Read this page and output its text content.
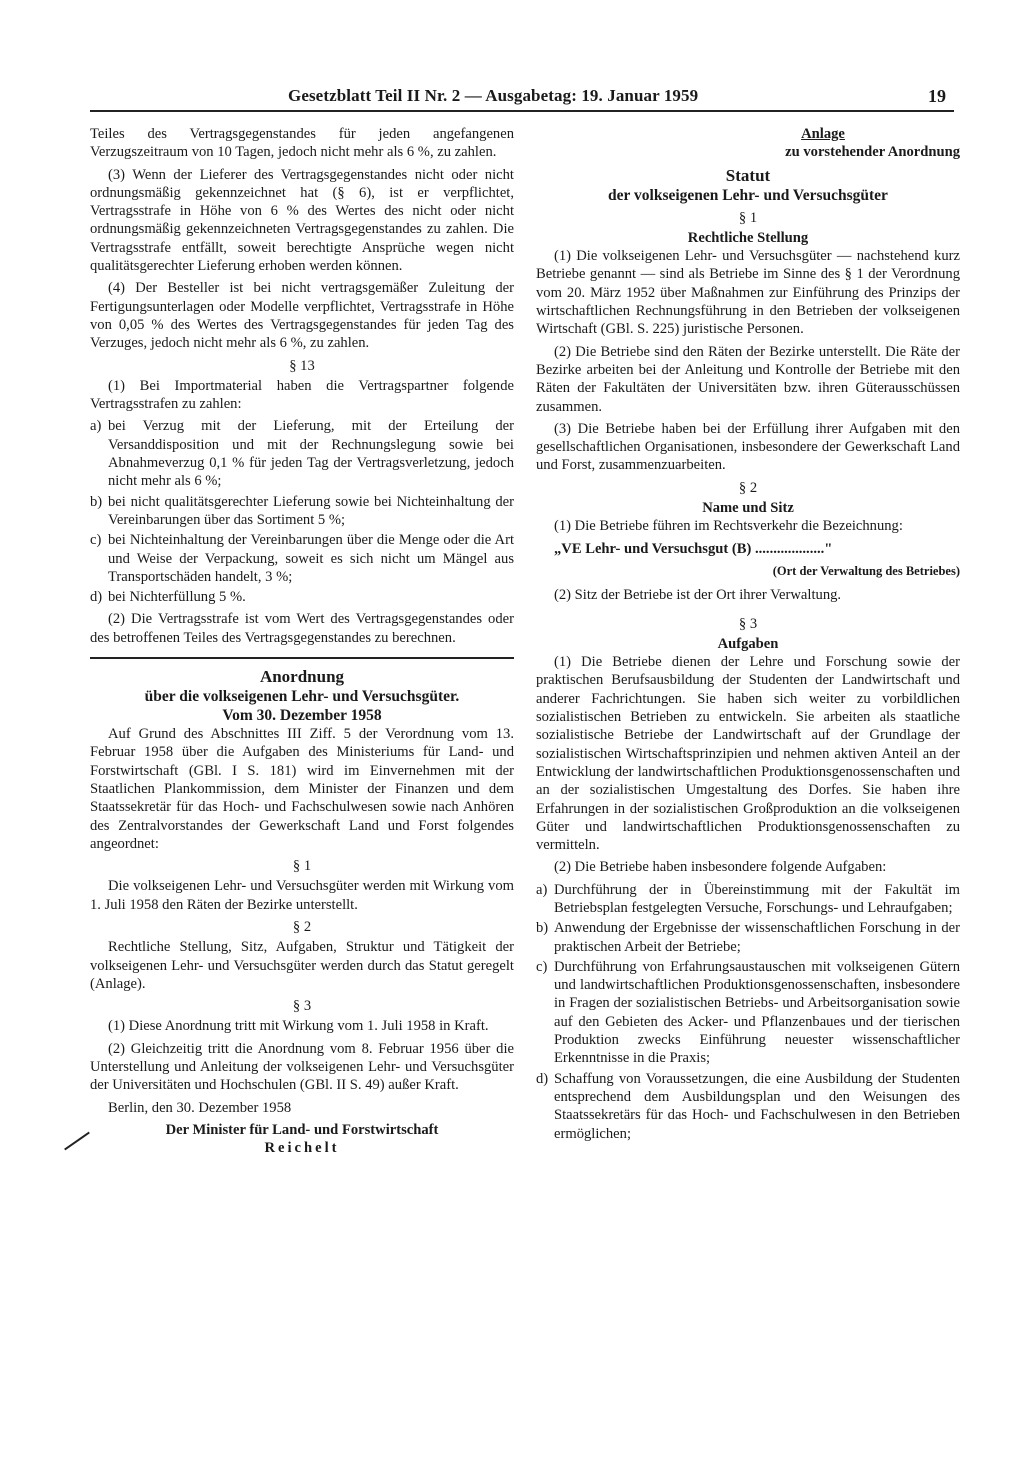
Gesetzblatt Teil II Nr. 2 — Ausgabetag: 19. Januar 1959	19

Teiles des Vertragsgegenstandes für jeden angefangenen Verzugszeitraum von 10 Tagen, jedoch nicht mehr als 6 %, zu zahlen.

(3) Wenn der Lieferer des Vertragsgegenstandes nicht oder nicht ordnungsmäßig gekennzeichnet hat (§ 6), ist er verpflichtet, Vertragsstrafe in Höhe von 6 % des Wertes des nicht oder nicht ordnungsmäßig gekennzeichneten Vertragsgegenstandes zu zahlen. Die Vertragsstrafe entfällt, soweit berechtigte Ansprüche wegen nicht qualitätsgerechter Lieferung erhoben werden können.

(4) Der Besteller ist bei nicht vertragsgemäßer Zuleitung der Fertigungsunterlagen oder Modelle verpflichtet, Vertragsstrafe in Höhe von 0,05 % des Wertes des Vertragsgegenstandes für jeden Tag des Verzuges, jedoch nicht mehr als 6 %, zu zahlen.

§ 13

(1) Bei Importmaterial haben die Vertragspartner folgende Vertragsstrafen zu zahlen:

a) bei Verzug mit der Lieferung, mit der Erteilung der Versanddisposition und mit der Rechnungslegung sowie bei Abnahmeverzug 0,1 % für jeden Tag der Vertragsverletzung, jedoch nicht mehr als 6 %;
b) bei nicht qualitätsgerechter Lieferung sowie bei Nichteinhaltung der Vereinbarungen über das Sortiment 5 %;
c) bei Nichteinhaltung der Vereinbarungen über die Menge oder die Art und Weise der Verpackung, soweit es sich nicht um Mängel aus Transportschäden handelt, 3 %;
d) bei Nichterfüllung 5 %.

(2) Die Vertragsstrafe ist vom Wert des Vertragsgegenstandes oder des betroffenen Teiles des Vertragsgegenstandes zu berechnen.

Anordnung
über die volkseigenen Lehr- und Versuchsgüter.
Vom 30. Dezember 1958

Auf Grund des Abschnittes III Ziff. 5 der Verordnung vom 13. Februar 1958 über die Aufgaben des Ministeriums für Land- und Forstwirtschaft (GBl. I S. 181) wird im Einvernehmen mit der Staatlichen Plankommission, dem Minister der Finanzen und dem Staatssekretär für das Hoch- und Fachschulwesen sowie nach Anhören des Zentralvorstandes der Gewerkschaft Land und Forst folgendes angeordnet:

§ 1

Die volkseigenen Lehr- und Versuchsgüter werden mit Wirkung vom 1. Juli 1958 den Räten der Bezirke unterstellt.

§ 2

Rechtliche Stellung, Sitz, Aufgaben, Struktur und Tätigkeit der volkseigenen Lehr- und Versuchsgüter werden durch das Statut geregelt (Anlage).

§ 3

(1) Diese Anordnung tritt mit Wirkung vom 1. Juli 1958 in Kraft.

(2) Gleichzeitig tritt die Anordnung vom 8. Februar 1956 über die Unterstellung und Anleitung der volkseigenen Lehr- und Versuchsgüter der Universitäten und Hochschulen (GBl. II S. 49) außer Kraft.

Berlin, den 30. Dezember 1958

Der Minister für Land- und Forstwirtschaft
Reichelt
Anlage
zu vorstehender Anordnung
Statut
der volkseigenen Lehr- und Versuchsgüter
§ 1
Rechtliche Stellung

(1) Die volkseigenen Lehr- und Versuchsgüter — nachstehend kurz Betriebe genannt — sind als Betriebe im Sinne des § 1 der Verordnung vom 20. März 1952 über Maßnahmen zur Einführung des Prinzips der wirtschaftlichen Rechnungsführung in den Betrieben der volkseigenen Wirtschaft (GBl. S. 225) juristische Personen.

(2) Die Betriebe sind den Räten der Bezirke unterstellt. Die Räte der Bezirke arbeiten bei der Anleitung und Kontrolle der Betriebe mit den Räten der Fakultäten der Universitäten bzw. ihren Güterausschüssen zusammen.

(3) Die Betriebe haben bei der Erfüllung ihrer Aufgaben mit den gesellschaftlichen Organisationen, insbesondere der Gewerkschaft Land und Forst, zusammenzuarbeiten.

§ 2
Name und Sitz

(1) Die Betriebe führen im Rechtsverkehr die Bezeichnung:

„VE Lehr- und Versuchsgut (B) ..................."

(Ort der Verwaltung des Betriebes)

(2) Sitz der Betriebe ist der Ort ihrer Verwaltung.

§ 3
Aufgaben

(1) Die Betriebe dienen der Lehre und Forschung sowie der praktischen Berufsausbildung der Studenten der Landwirtschaft und anderer Fachrichtungen. Sie haben sich weiter zu vorbildlichen sozialistischen Betrieben zu entwickeln. Sie arbeiten als staatliche sozialistische Betriebe der Landwirtschaft auf der Grundlage der sozialistischen Wirtschaftsprinzipien und nehmen aktiven Anteil an der Entwicklung der landwirtschaftlichen Produktionsgenossenschaften und an der sozialistischen Umgestaltung des Dorfes. Sie haben ihre Erfahrungen in der sozialistischen Großproduktion an die volkseigenen Güter und landwirtschaftlichen Produktionsgenossenschaften zu vermitteln.

(2) Die Betriebe haben insbesondere folgende Aufgaben:

a) Durchführung der in Übereinstimmung mit der Fakultät im Betriebsplan festgelegten Versuche, Forschungs- und Lehraufgaben;
b) Anwendung der Ergebnisse der wissenschaftlichen Forschung in der praktischen Arbeit der Betriebe;
c) Durchführung von Erfahrungsaustauschen mit volkseigenen Gütern und landwirtschaftlichen Produktionsgenossenschaften, insbesondere in Fragen der sozialistischen Betriebs- und Arbeitsorganisation sowie auf den Gebieten des Acker- und Pflanzenbaues und der tierischen Produktion zwecks Einführung neuester wissenschaftlicher Erkenntnisse in die Praxis;
d) Schaffung von Voraussetzungen, die eine Ausbildung der Studenten entsprechend dem Ausbildungsplan und den Weisungen des Staatssekretärs für das Hoch- und Fachschulwesen in den Betrieben ermöglichen;
